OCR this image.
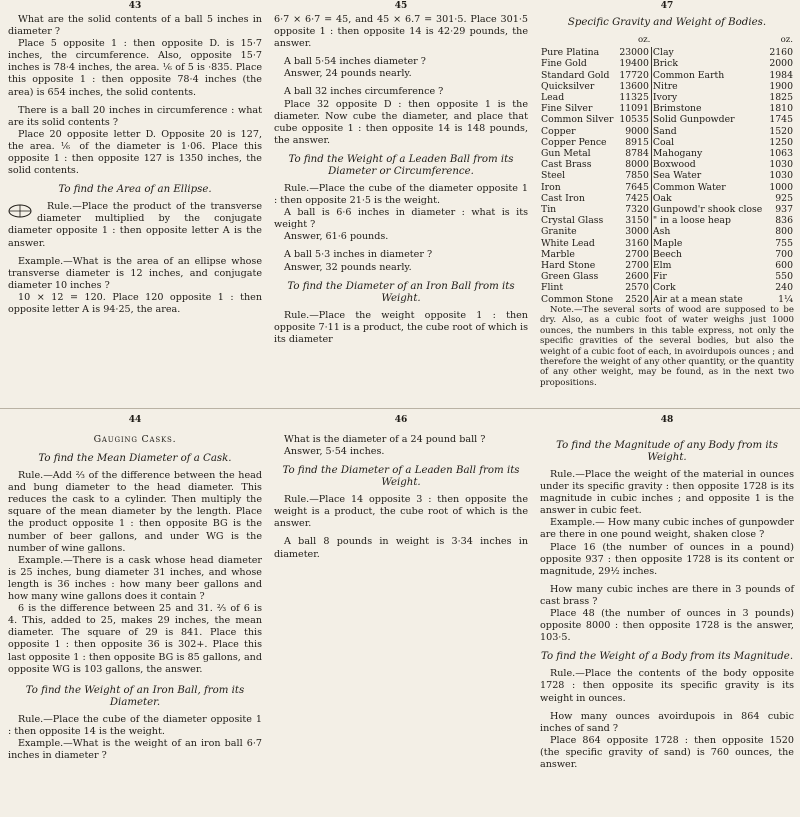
43

What are the solid contents of a ball 5 inches in diameter ?

Place 5 opposite 1 : then opposite D. is 15·7 inches, the circumference. Also, opposite 15·7 inches is 78·4 inches, the area. ⅙ of 5 is ·835. Place this opposite 1 : then opposite 78·4 inches (the area) is 654 inches, the solid contents.

There is a ball 20 inches in circumference : what are its solid contents ?

Place 20 opposite letter D. Opposite 20 is 127, the area. ⅙ of the diameter is 1·06. Place this opposite 1 : then opposite 127 is 1350 inches, the solid contents.

To find the Area of an Ellipse.

Rule.—Place the product of the transverse diameter multiplied by the conjugate diameter opposite 1 : then opposite letter A is the answer.

Example.—What is the area of an ellipse whose transverse diameter is 12 inches, and conjugate diameter 10 inches ?

10 × 12 = 120. Place 120 opposite 1 : then opposite letter A is 94·25, the area.

45

6·7 × 6·7 = 45, and 45 × 6.7 = 301·5. Place 301·5 opposite 1 : then opposite 14 is 42·29 pounds, the answer.

A ball 5·54 inches diameter ?

Answer, 24 pounds nearly.

A ball 32 inches circumference ?

Place 32 opposite D : then opposite 1 is the diameter. Now cube the diameter, and place that cube opposite 1 : then opposite 14 is 148 pounds, the answer.

To find the Weight of a Leaden Ball from its Diameter or Circumference.

Rule.—Place the cube of the diameter opposite 1 : then opposite 21·5 is the weight.

A ball is 6·6 inches in diameter : what is its weight ?

Answer, 61·6 pounds.

A ball 5·3 inches in diameter ?

Answer, 32 pounds nearly.

To find the Diameter of an Iron Ball from its Weight.

Rule.—Place the weight opposite 1 : then opposite 7·11 is a product, the cube root of which is its diameter

47
Specific Gravity and Weight of Bodies.
	oz.		oz.
Pure Platina	23000	Clay	2160
Fine Gold	19400	Brick	2000
Standard Gold	17720	Common Earth	1984
Quicksilver	13600	Nitre	1900
Lead	11325	Ivory	1825
Fine Silver	11091	Brimstone	1810
Common Silver	10535	Solid Gunpowder	1745
Copper	9000	Sand	1520
Copper Pence	8915	Coal	1250
Gun Metal	8784	Mahogany	1063
Cast Brass	8000	Boxwood	1030
Steel	7850	Sea Water	1030
Iron	7645	Common Water	1000
Cast Iron	7425	Oak	925
Tin	7320	Gunpowd'r shook close	937
Crystal Glass	3150	" in a loose heap	836
Granite	3000	Ash	800
White Lead	3160	Maple	755
Marble	2700	Beech	700
Hard Stone	2700	Elm	600
Green Glass	2600	Fir	550
Flint	2570	Cork	240
Common Stone	2520	Air at a mean state	1¼

Note.—The several sorts of wood are supposed to be dry. Also, as a cubic foot of water weighs just 1000 ounces, the numbers in this table express, not only the specific gravities of the several bodies, but also the weight of a cubic foot of each, in avoirdupois ounces ; and therefore the weight of any other quantity, or the quantity of any other weight, may be found, as in the next two propositions.

44
Gauging Casks.
To find the Mean Diameter of a Cask.

Rule.—Add ⅔ of the difference between the head and bung diameter to the head diameter. This reduces the cask to a cylinder. Then multiply the square of the mean diameter by the length. Place the product opposite 1 : then opposite BG is the number of beer gallons, and under WG is the number of wine gallons.

Example.—There is a cask whose head diameter is 25 inches, bung diameter 31 inches, and whose length is 36 inches : how many beer gallons and how many wine gallons does it contain ?

6 is the difference between 25 and 31. ⅔ of 6 is 4. This, added to 25, makes 29 inches, the mean diameter. The square of 29 is 841. Place this opposite 1 : then opposite 36 is 302+. Place this last opposite 1 : then opposite BG is 85 gallons, and opposite WG is 103 gallons, the answer.

To find the Weight of an Iron Ball, from its Diameter.

Rule.—Place the cube of the diameter opposite 1 : then opposite 14 is the weight.

Example.—What is the weight of an iron ball 6·7 inches in diameter ?

46

What is the diameter of a 24 pound ball ?

Answer, 5·54 inches.

To find the Diameter of a Leaden Ball from its Weight.

Rule.—Place 14 opposite 3 : then opposite the weight is a product, the cube root of which is the answer.

A ball 8 pounds in weight is 3·34 inches in diameter.

48
To find the Magnitude of any Body from its Weight.

Rule.—Place the weight of the material in ounces under its specific gravity : then opposite 1728 is its magnitude in cubic inches ; and opposite 1 is the answer in cubic feet.

Example.— How many cubic inches of gunpowder are there in one pound weight, shaken close ?

Place 16 (the number of ounces in a pound) opposite 937 : then opposite 1728 is its content or magnitude, 29½ inches.

How many cubic inches are there in 3 pounds of cast brass ?

Place 48 (the number of ounces in 3 pounds) opposite 8000 : then opposite 1728 is the answer, 103·5.

To find the Weight of a Body from its Magnitude.

Rule.—Place the contents of the body opposite 1728 : then opposite its specific gravity is its weight in ounces.

How many ounces avoirdupois in 864 cubic inches of sand ?

Place 864 opposite 1728 : then opposite 1520 (the specific gravity of sand) is 760 ounces, the answer.
